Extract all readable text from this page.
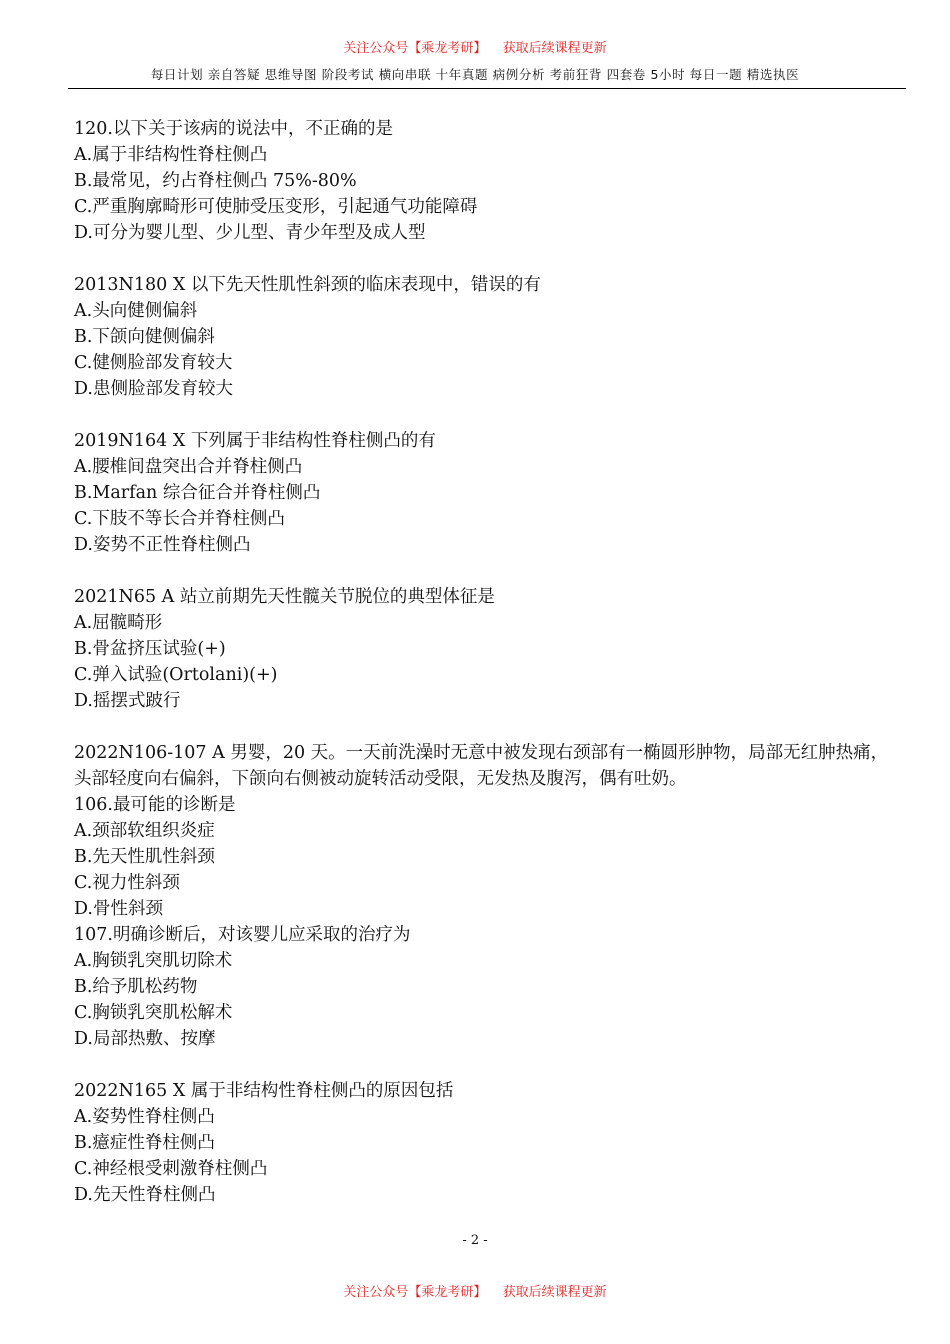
关注公众号【乘龙考研】 获取后续课程更新
每日计划 亲自答疑 思维导图 阶段考试 横向串联 十年真题 病例分析 考前狂背 四套卷 5小时 每日一题 精选执医
120.以下关于该病的说法中，不正确的是
A.属于非结构性脊柱侧凸
B.最常见，约占脊柱侧凸 75%-80%
C.严重胸廓畸形可使肺受压变形，引起通气功能障碍
D.可分为婴儿型、少儿型、青少年型及成人型
2013N180 X 以下先天性肌性斜颈的临床表现中，错误的有
A.头向健侧偏斜
B.下颌向健侧偏斜
C.健侧脸部发育较大
D.患侧脸部发育较大
2019N164 X 下列属于非结构性脊柱侧凸的有
A.腰椎间盘突出合并脊柱侧凸
B.Marfan 综合征合并脊柱侧凸
C.下肢不等长合并脊柱侧凸
D.姿势不正性脊柱侧凸
2021N65 A 站立前期先天性髋关节脱位的典型体征是
A.屈髋畸形
B.骨盆挤压试验(+)
C.弹入试验(Ortolani)(+)
D.摇摆式跛行
2022N106-107 A 男婴，20 天。一天前洗澡时无意中被发现右颈部有一椭圆形肿物，局部无红肿热痛，头部轻度向右偏斜，下颌向右侧被动旋转活动受限，无发热及腹泻，偶有吐奶。
106.最可能的诊断是
A.颈部软组织炎症
B.先天性肌性斜颈
C.视力性斜颈
D.骨性斜颈
107.明确诊断后，对该婴儿应采取的治疗为
A.胸锁乳突肌切除术
B.给予肌松药物
C.胸锁乳突肌松解术
D.局部热敷、按摩
2022N165 X 属于非结构性脊柱侧凸的原因包括
A.姿势性脊柱侧凸
B.癔症性脊柱侧凸
C.神经根受刺激脊柱侧凸
D.先天性脊柱侧凸
- 2 -
关注公众号【乘龙考研】 获取后续课程更新
